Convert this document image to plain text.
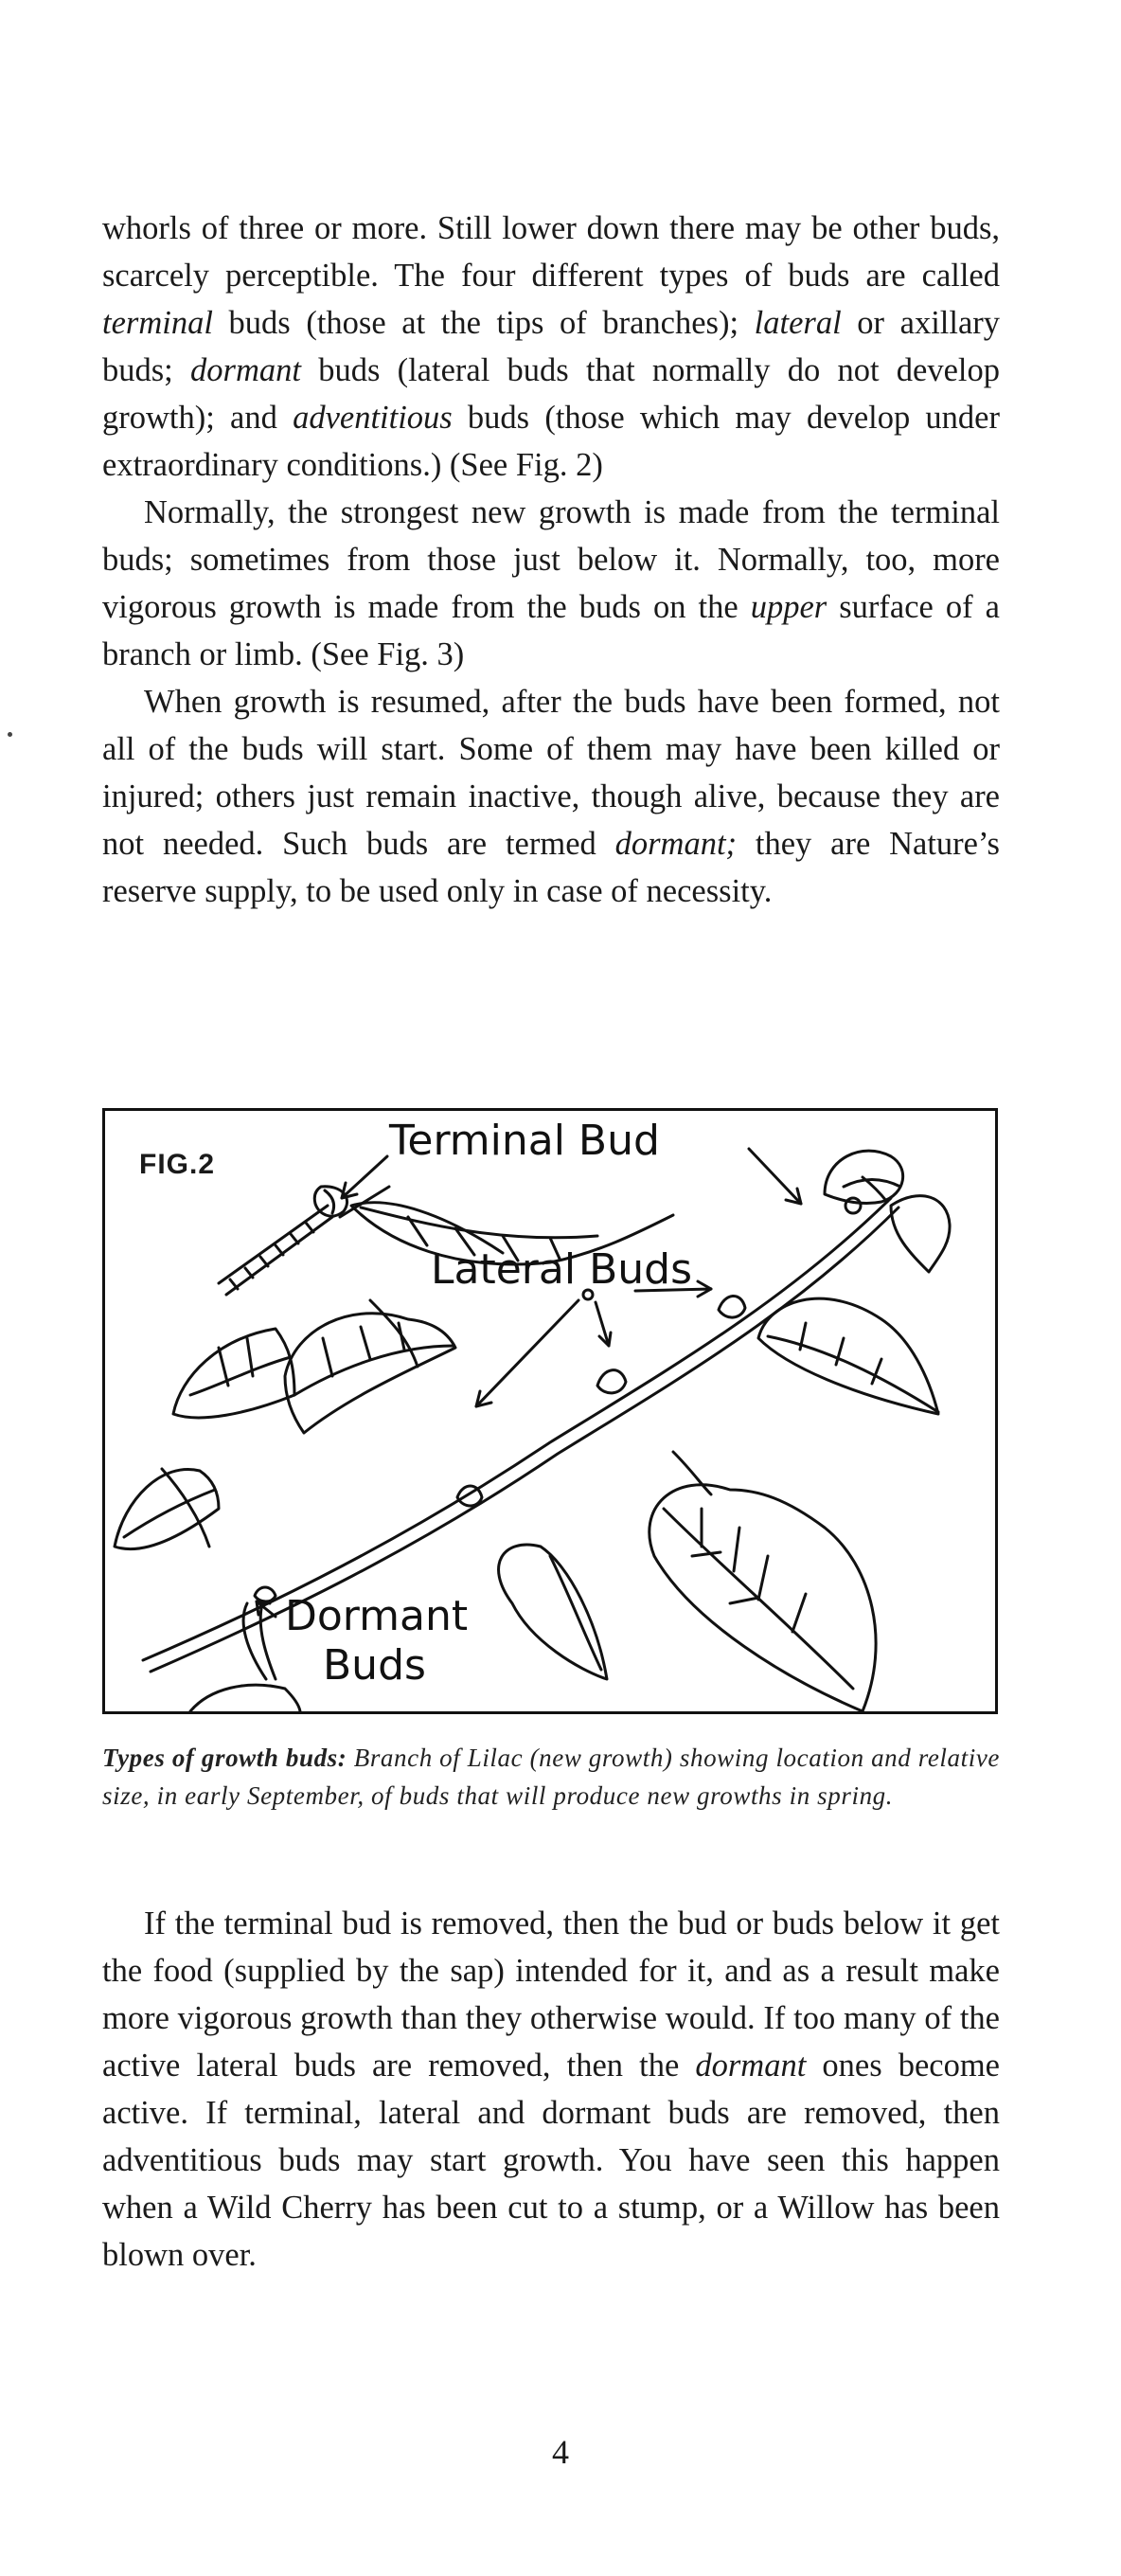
whorls of three or more. Still lower down there may be other buds, scarcely perceptible. The four different types of buds are called terminal buds (those at the tips of branches); lateral or axillary buds; dormant buds (lateral buds that normally do not develop growth); and adventitious buds (those which may develop under extraordinary conditions.) (See Fig. 2)

Normally, the strongest new growth is made from the terminal buds; sometimes from those just below it. Normally, too, more vigorous growth is made from the buds on the upper surface of a branch or limb. (See Fig. 3)

When growth is resumed, after the buds have been formed, not all of the buds will start. Some of them may have been killed or injured; others just remain inactive, though alive, because they are not needed. Such buds are termed dormant; they are Nature’s reserve supply, to be used only in case of necessity.

FIG.2	Terminal Bud
Lateral Buds
Dormant
Buds
Types of growth buds: Branch of Lilac (new growth) showing location and relative size, in early September, of buds that will produce new growths in spring.

If the terminal bud is removed, then the bud or buds below it get the food (supplied by the sap) intended for it, and as a result make more vigorous growth than they otherwise would. If too many of the active lateral buds are removed, then the dormant ones become active. If terminal, lateral and dormant buds are removed, then adventitious buds may start growth. You have seen this happen when a Wild Cherry has been cut to a stump, or a Willow has been blown over.

4
